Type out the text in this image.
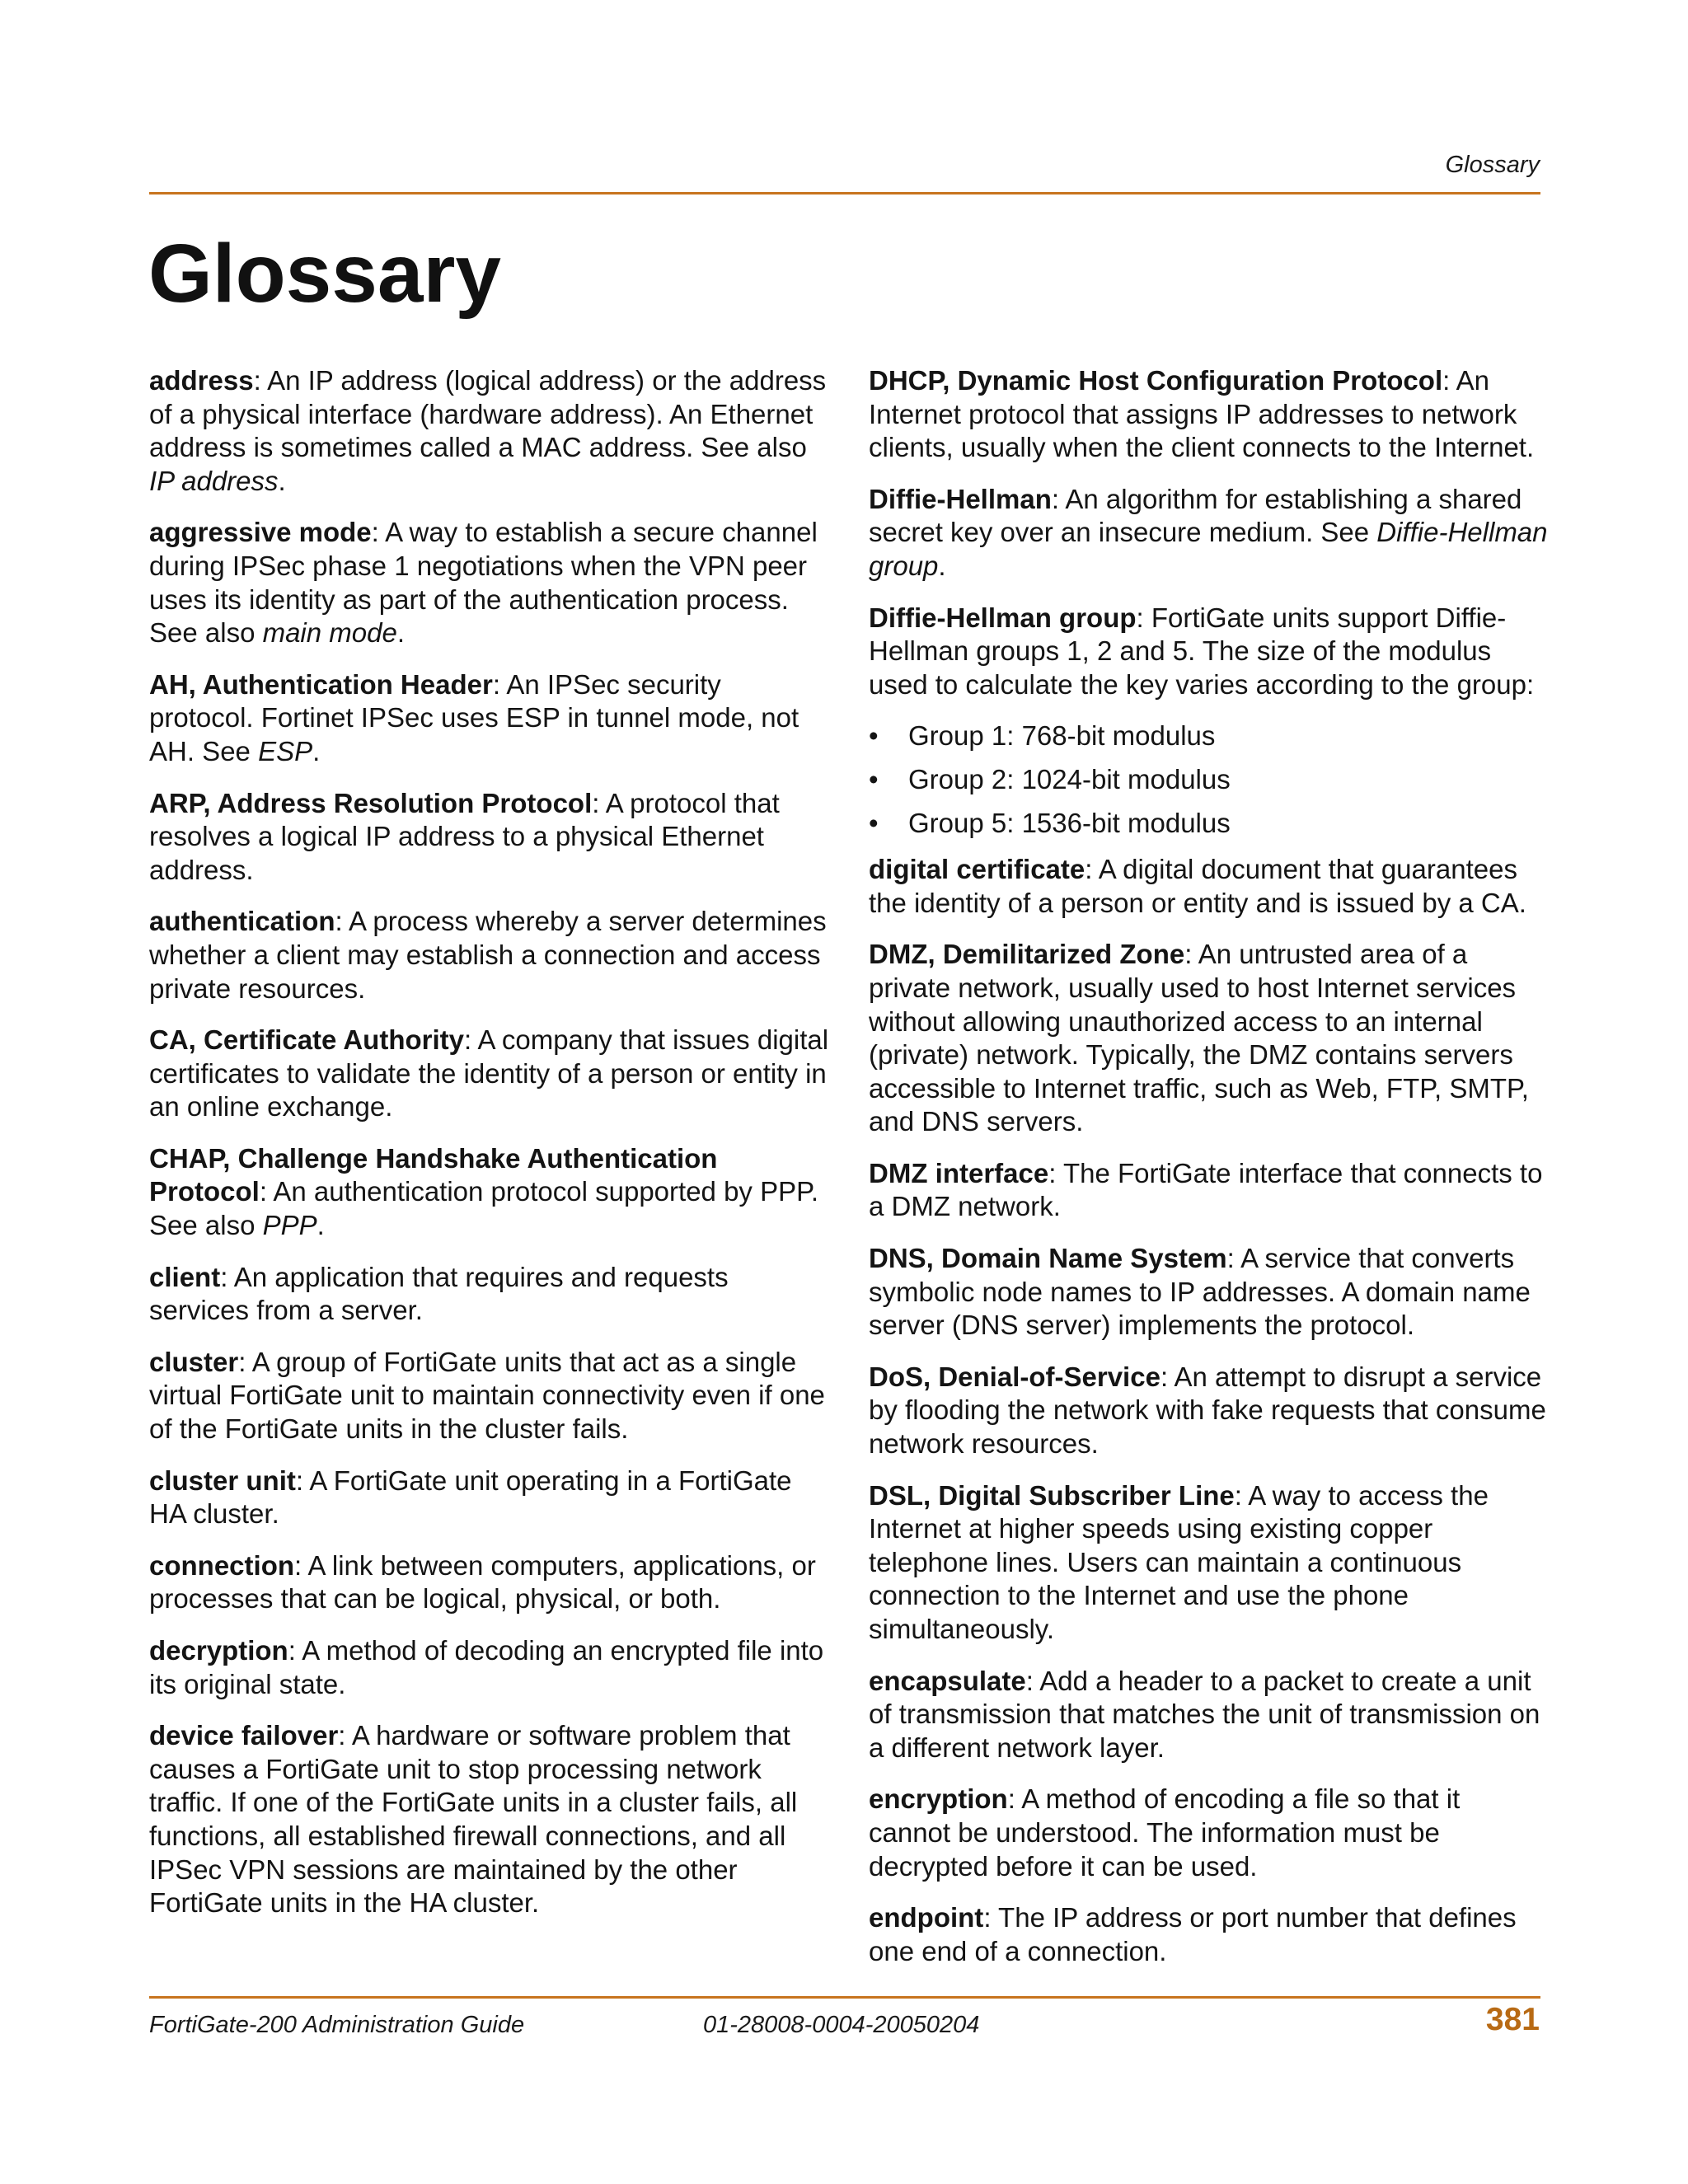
Glossary
Glossary

address: An IP address (logical address) or the address of a physical interface (hardware address). An Ethernet address is sometimes called a MAC address. See also IP address.

aggressive mode: A way to establish a secure channel during IPSec phase 1 negotiations when the VPN peer uses its identity as part of the authentication process. See also main mode.

AH, Authentication Header: An IPSec security protocol. Fortinet IPSec uses ESP in tunnel mode, not AH. See ESP.

ARP, Address Resolution Protocol: A protocol that resolves a logical IP address to a physical Ethernet address.

authentication: A process whereby a server determines whether a client may establish a connection and access private resources.

CA, Certificate Authority: A company that issues digital certificates to validate the identity of a person or entity in an online exchange.

CHAP, Challenge Handshake Authentication Protocol: An authentication protocol supported by PPP. See also PPP.

client: An application that requires and requests services from a server.

cluster: A group of FortiGate units that act as a single virtual FortiGate unit to maintain connectivity even if one of the FortiGate units in the cluster fails.

cluster unit: A FortiGate unit operating in a FortiGate HA cluster.

connection: A link between computers, applications, or processes that can be logical, physical, or both.

decryption: A method of decoding an encrypted file into its original state.

device failover: A hardware or software problem that causes a FortiGate unit to stop processing network traffic. If one of the FortiGate units in a cluster fails, all functions, all established firewall connections, and all IPSec VPN sessions are maintained by the other FortiGate units in the HA cluster.

DHCP, Dynamic Host Configuration Protocol: An Internet protocol that assigns IP addresses to network clients, usually when the client connects to the Internet.

Diffie-Hellman: An algorithm for establishing a shared secret key over an insecure medium. See Diffie-Hellman group.

Diffie-Hellman group: FortiGate units support Diffie-Hellman groups 1, 2 and 5. The size of the modulus used to calculate the key varies according to the group:

• Group 1: 768-bit modulus
• Group 2: 1024-bit modulus
• Group 5: 1536-bit modulus

digital certificate: A digital document that guarantees the identity of a person or entity and is issued by a CA.

DMZ, Demilitarized Zone: An untrusted area of a private network, usually used to host Internet services without allowing unauthorized access to an internal (private) network. Typically, the DMZ contains servers accessible to Internet traffic, such as Web, FTP, SMTP, and DNS servers.

DMZ interface: The FortiGate interface that connects to a DMZ network.

DNS, Domain Name System: A service that converts symbolic node names to IP addresses. A domain name server (DNS server) implements the protocol.

DoS, Denial-of-Service: An attempt to disrupt a service by flooding the network with fake requests that consume network resources.

DSL, Digital Subscriber Line: A way to access the Internet at higher speeds using existing copper telephone lines. Users can maintain a continuous connection to the Internet and use the phone simultaneously.

encapsulate: Add a header to a packet to create a unit of transmission that matches the unit of transmission on a different network layer.

encryption: A method of encoding a file so that it cannot be understood. The information must be decrypted before it can be used.

endpoint: The IP address or port number that defines one end of a connection.

FortiGate-200 Administration Guide	01-28008-0004-20050204	381
